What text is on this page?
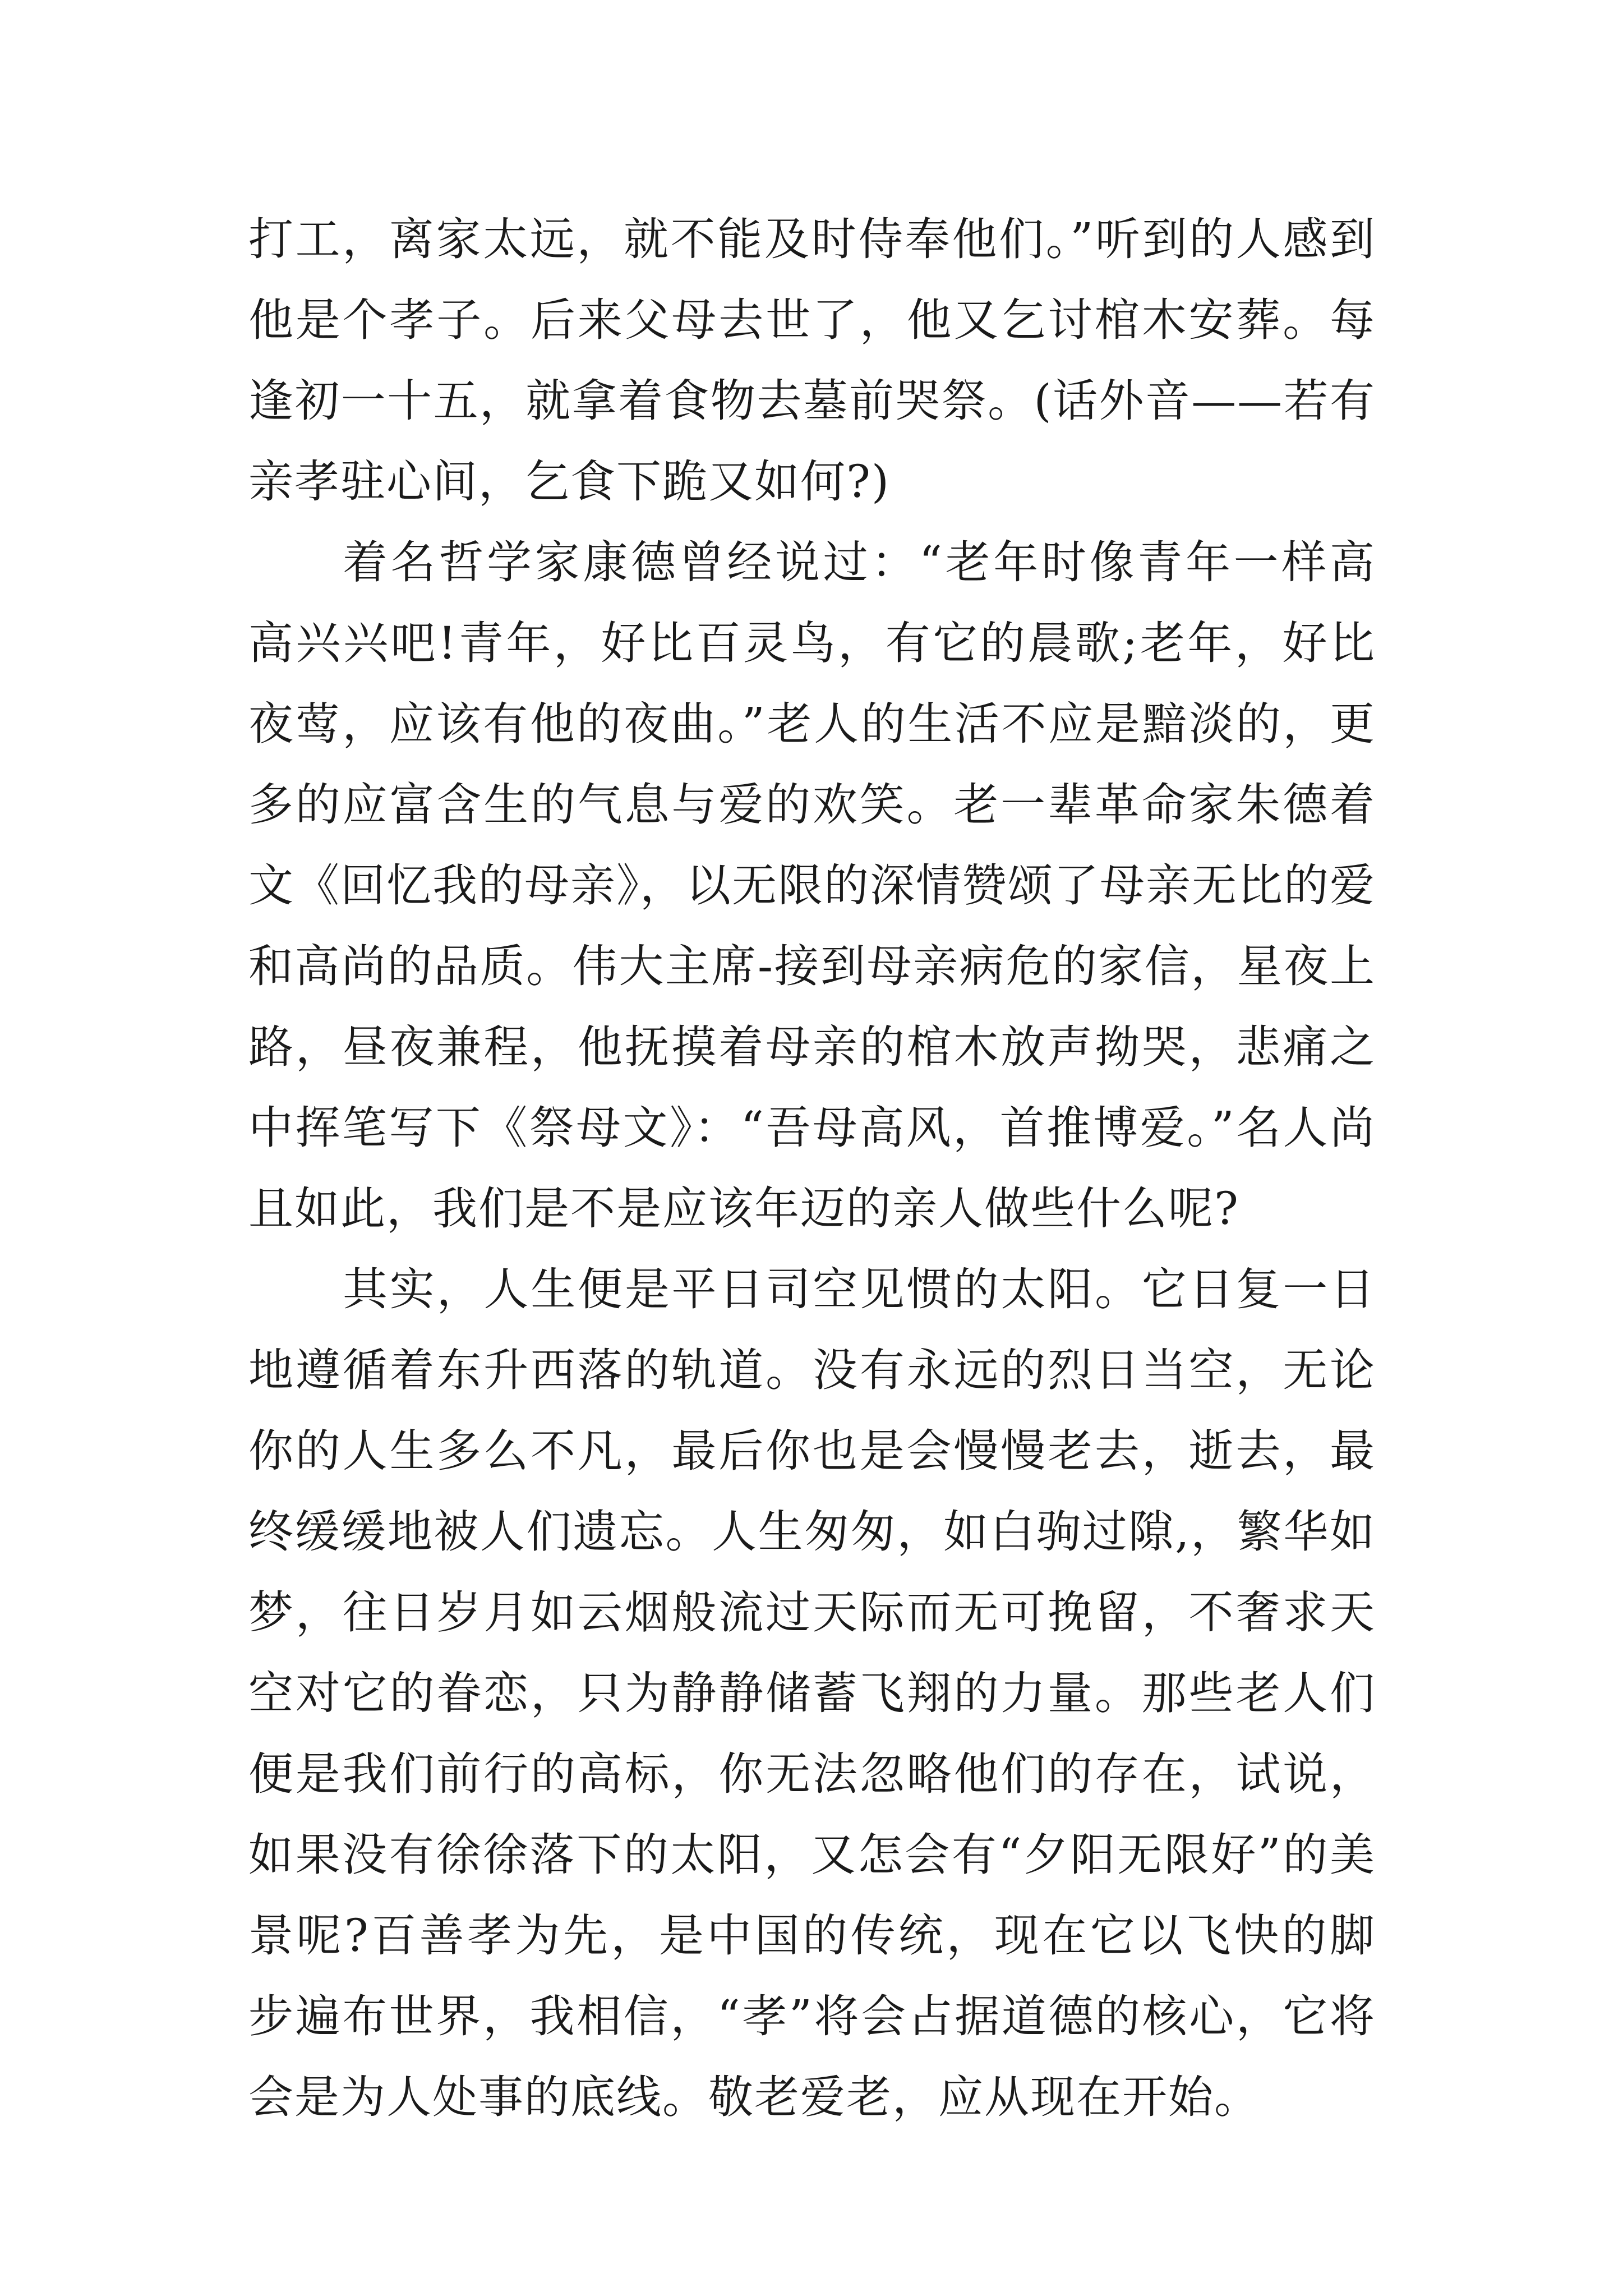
打工，离家太远，就不能及时侍奉他们。”听到的人感到他是个孝子。后来父母去世了，他又乞讨棺木安葬。每逢初一十五，就拿着食物去墓前哭祭。(话外音——若有亲孝驻心间，乞食下跪又如何?)

着名哲学家康德曾经说过：“老年时像青年一样高高兴兴吧!青年，好比百灵鸟，有它的晨歌;老年，好比夜莺，应该有他的夜曲。”老人的生活不应是黯淡的，更多的应富含生的气息与爱的欢笑。老一辈革命家朱德着文《回忆我的母亲》，以无限的深情赞颂了母亲无比的爱和高尚的品质。伟大主席-接到母亲病危的家信，星夜上路，昼夜兼程，他抚摸着母亲的棺木放声拗哭，悲痛之中挥笔写下《祭母文》：“吾母高风，首推博爱。”名人尚且如此，我们是不是应该年迈的亲人做些什么呢?

其实，人生便是平日司空见惯的太阳。它日复一日地遵循着东升西落的轨道。没有永远的烈日当空，无论你的人生多么不凡，最后你也是会慢慢老去，逝去，最终缓缓地被人们遗忘。人生匆匆，如白驹过隙,，繁华如梦，往日岁月如云烟般流过天际而无可挽留，不奢求天空对它的眷恋，只为静静储蓄飞翔的力量。那些老人们便是我们前行的高标，你无法忽略他们的存在，试说，如果没有徐徐落下的太阳，又怎会有“夕阳无限好”的美景呢?百善孝为先，是中国的传统，现在它以飞快的脚步遍布世界，我相信，“孝”将会占据道德的核心，它将会是为人处事的底线。敬老爱老，应从现在开始。
